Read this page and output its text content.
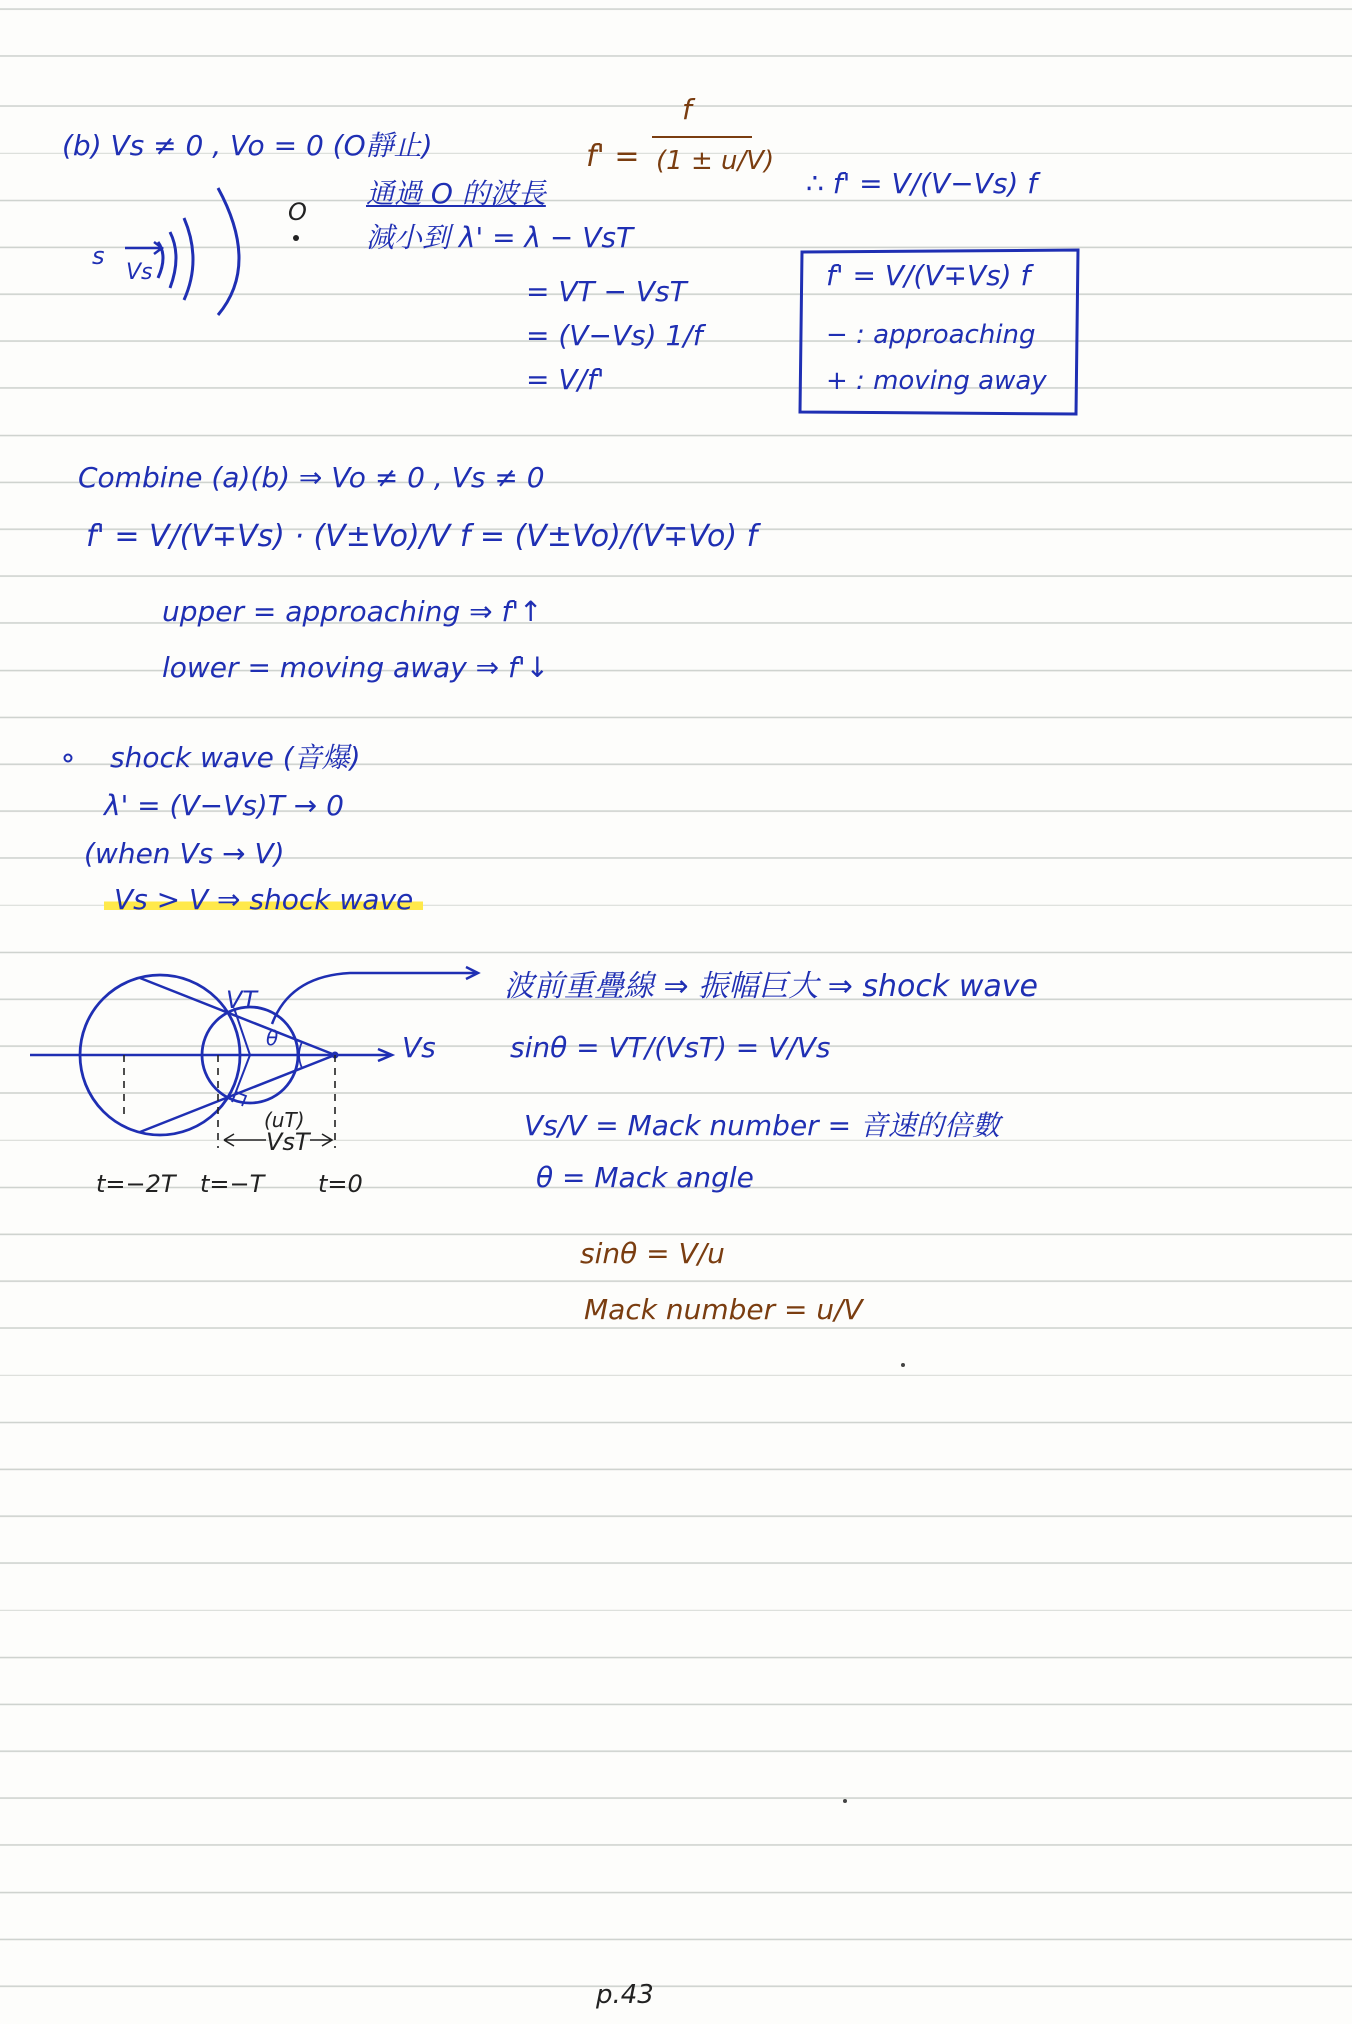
(b) Vs ≠ 0 , Vo = 0 (O靜止)
s
Vs
O
f' =
f
(1 ± u/V)
通過 O 的波長
減小到 λ' = λ − VsT
= VT − VsT
= (V−Vs) 1/f
= V/f'
∴ f' = V/(V−Vs) f
f' = V/(V∓Vs) f
− : approaching
+ : moving away
Combine (a)(b) ⇒ Vo ≠ 0 , Vs ≠ 0
f' = V/(V∓Vs) · (V±Vo)/V f = (V±Vo)/(V∓Vo) f
upper = approaching ⇒ f'↑
lower = moving away ⇒ f'↓
shock wave (音爆)
λ' = (V−Vs)T → 0
(when Vs → V)
Vs > V ⇒ shock wave
VT
Vs
θ
(uT)
VsT
t=−2T t=−T t=0
波前重疊線 ⇒ 振幅巨大 ⇒ shock wave
sinθ = VT/(VsT) = V/Vs
Vs/V = Mack number = 音速的倍數
θ = Mack angle
sinθ = V/u
Mack number = u/V
p.43
